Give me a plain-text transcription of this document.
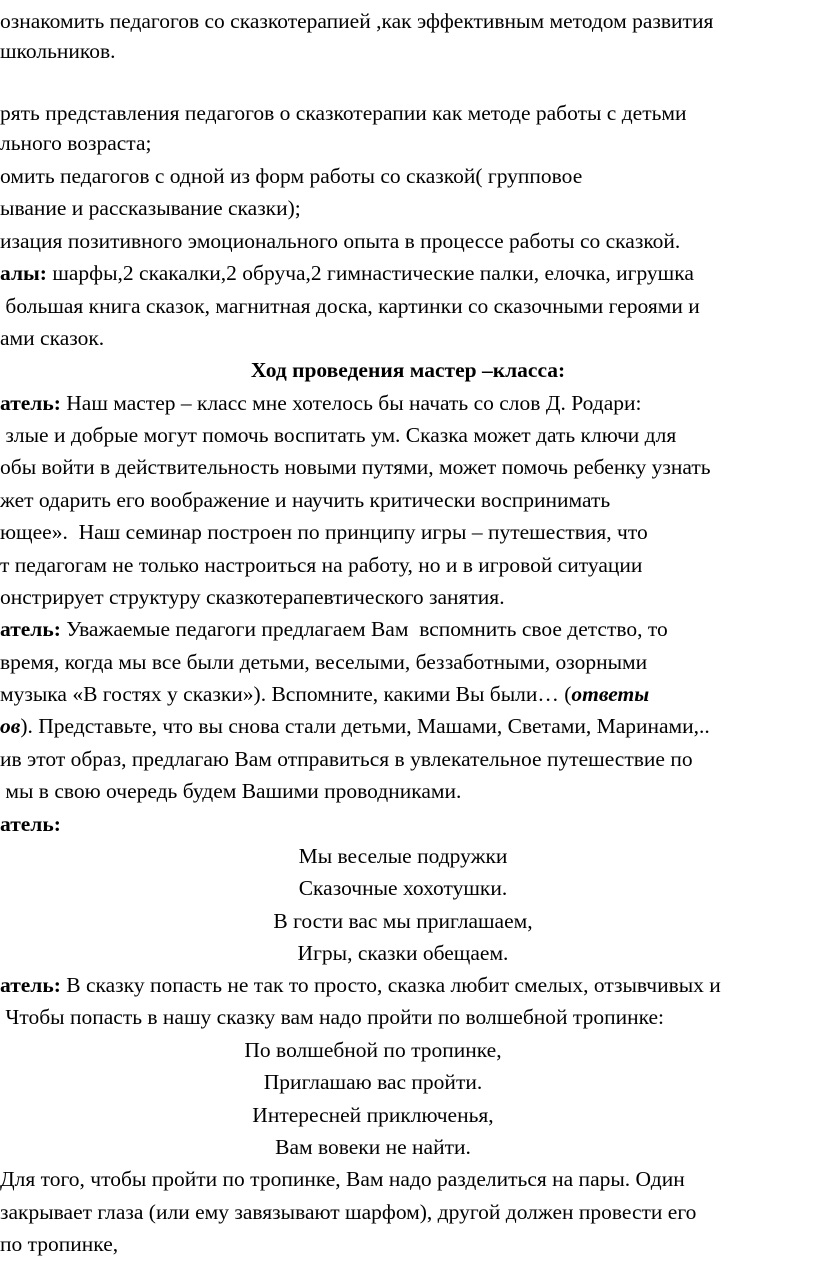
ознакомить педагогов со сказкотерапией ,как эффективным методом развития
школьников.
рять представления педагогов о сказкотерапии как методе работы с детьми
льного возраста;
омить педагогов с одной из форм работы со сказкой( групповое
ывание и рассказывание сказки);
изация позитивного эмоционального опыта в процессе работы со сказкой.
алы: шарфы,2 скакалки,2 обруча,2 гимнастические палки, елочка, игрушка
большая книга сказок, магнитная доска, картинки со сказочными героями и
ами сказок.
Ход проведения мастер –класса:
атель: Наш мастер – класс мне хотелось бы начать со слов Д. Родари:
злые и добрые могут помочь воспитать ум. Сказка может дать ключи для
обы войти в действительность новыми путями, может помочь ребенку узнать
жет одарить его воображение и научить критически воспринимать
ющее».  Наш семинар построен по принципу игры – путешествия, что
т педагогам не только настроиться на работу, но и в игровой ситуации
онстрирует структуру сказкотерапевтического занятия.
атель: Уважаемые педагоги предлагаем Вам  вспомнить свое детство, то
время, когда мы все были детьми, веселыми, беззаботными, озорными
музыка «В гостях у сказки»). Вспомните, какими Вы были… (ответы
ов). Представьте, что вы снова стали детьми, Машами, Светами, Маринами,..
ив этот образ, предлагаю Вам отправиться в увлекательное путешествие по
мы в свою очередь будем Вашими проводниками.
атель:
Мы веселые подружки
Сказочные хохотушки.
В гости вас мы приглашаем,
Игры, сказки обещаем.
атель: В сказку попасть не так то просто, сказка любит смелых, отзывчивых и
Чтобы попасть в нашу сказку вам надо пройти по волшебной тропинке:
По волшебной по тропинке,
Приглашаю вас пройти.
Интересней приключенья,
Вам вовеки не найти.
Для того, чтобы пройти по тропинке, Вам надо разделиться на пары. Один
закрывает глаза (или ему завязывают шарфом), другой должен провести его
по тропинке,
